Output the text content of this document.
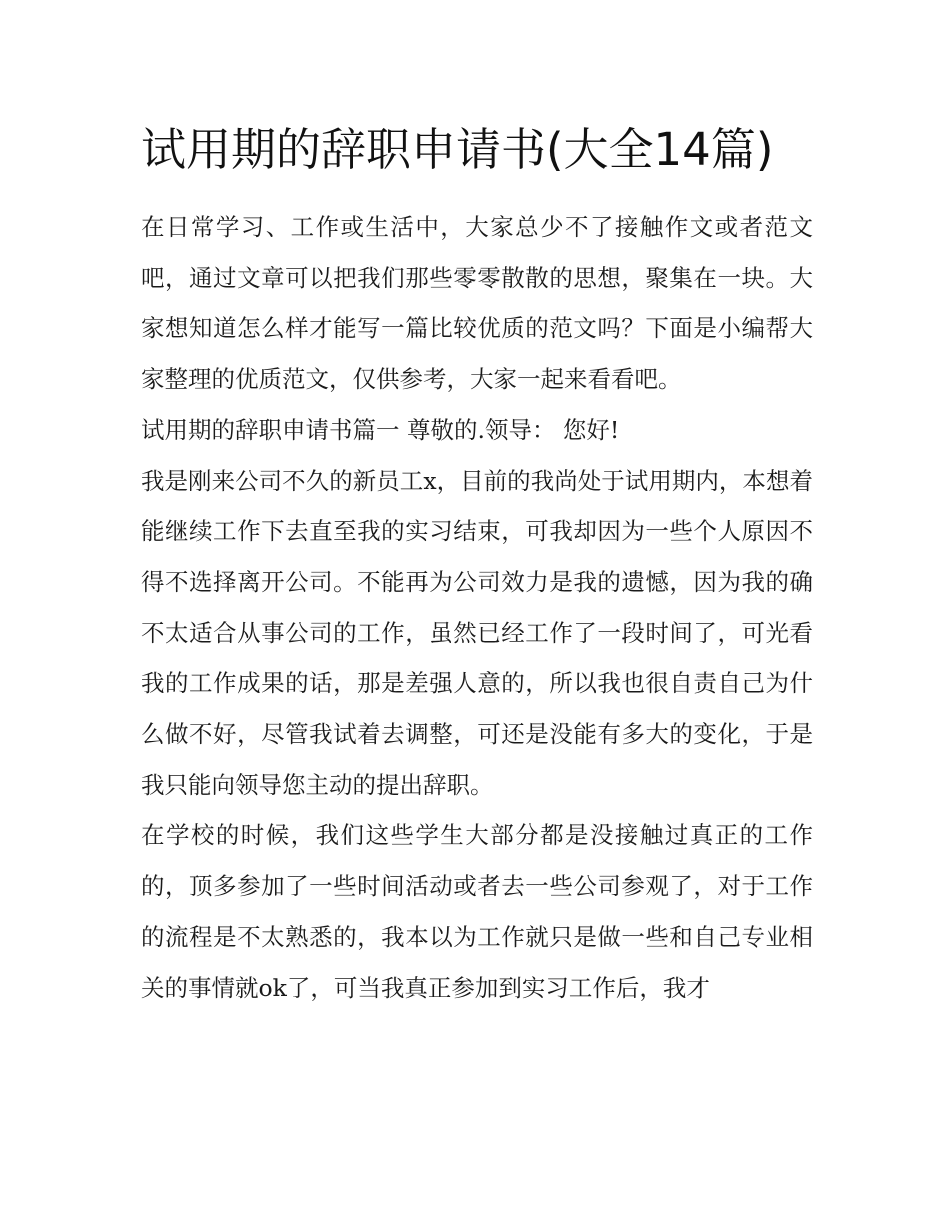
试用期的辞职申请书(大全14篇)

在日常学习、工作或生活中，大家总少不了接触作文或者范文吧，通过文章可以把我们那些零零散散的思想，聚集在一块。大家想知道怎么样才能写一篇比较优质的范文吗？下面是小编帮大家整理的优质范文，仅供参考，大家一起来看看吧。

试用期的辞职申请书篇一 尊敬的.领导： 您好!

我是刚来公司不久的新员工x，目前的我尚处于试用期内，本想着能继续工作下去直至我的实习结束，可我却因为一些个人原因不得不选择离开公司。不能再为公司效力是我的遗憾，因为我的确不太适合从事公司的工作，虽然已经工作了一段时间了，可光看我的工作成果的话，那是差强人意的，所以我也很自责自己为什么做不好，尽管我试着去调整，可还是没能有多大的变化，于是我只能向领导您主动的提出辞职。

在学校的时候，我们这些学生大部分都是没接触过真正的工作的，顶多参加了一些时间活动或者去一些公司参观了，对于工作的流程是不太熟悉的，我本以为工作就只是做一些和自己专业相关的事情就ok了，可当我真正参加到实习工作后，我才
